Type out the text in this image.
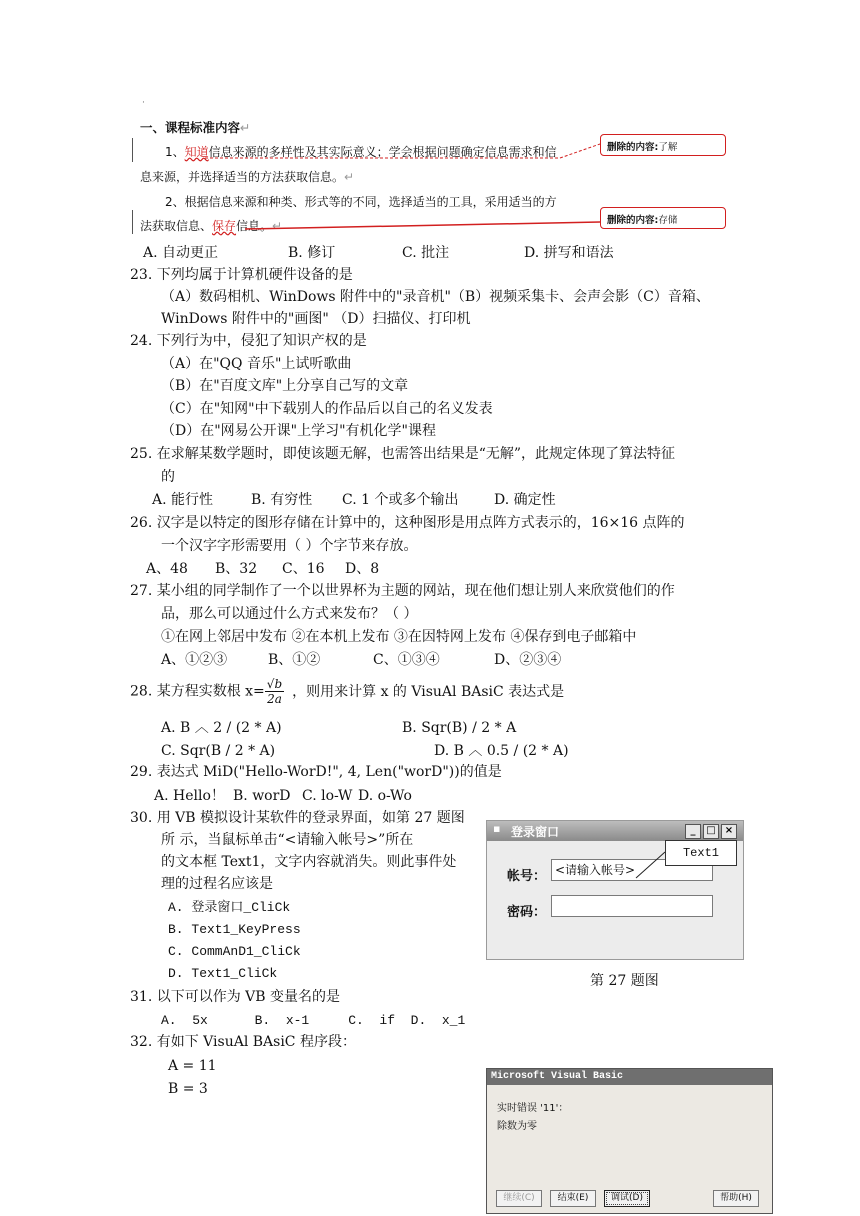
·
一、课程标准内容↵
1、知道信息来源的多样性及其实际意义；学会根据问题确定信息需求和信
息来源，并选择适当的方法获取信息。↵
2、根据信息来源和种类、形式等的不同，选择适当的工具，采用适当的方
法获取信息、保存信息。↵
删除的内容:了解
删除的内容:存储
A. 自动更正	B. 修订	C. 批注	D. 拼写和语法
23. 下列均属于计算机硬件设备的是
（A）数码相机、WinDows 附件中的"录音机"（B）视频采集卡、会声会影（C）音箱、
WinDows 附件中的"画图" （D）扫描仪、打印机
24. 下列行为中，侵犯了知识产权的是
（A）在"QQ 音乐"上试听歌曲
（B）在"百度文库"上分享自己写的文章
（C）在"知网"中下载别人的作品后以自己的名义发表
（D）在"网易公开课"上学习"有机化学"课程
25. 在求解某数学题时，即使该题无解，也需答出结果是“无解”，此规定体现了算法特征
的
A. 能行性	B. 有穷性 C. 1 个或多个输出	D. 确定性
26. 汉字是以特定的图形存储在计算中的，这种图形是用点阵方式表示的，16×16 点阵的
一个汉字字形需要用（ ）个字节来存放。
A、48 B、32 C、16 D、8
27. 某小组的同学制作了一个以世界杯为主题的网站，现在他们想让别人来欣赏他们的作
品，那么可以通过什么方式来发布？（ ）
①在网上邻居中发布 ②在本机上发布 ③在因特网上发布 ④保存到电子邮箱中
A、①②③	B、①②	C、①③④	D、②③④
28. 某方程实数根 $x= \frac{√b}{2a}$ ，则用来计算 x 的 VisuAl BAsiC 表达式是
A. B ︿ 2 / (2 * A)	B. Sqr(B) / 2 * A
C. Sqr(B / 2 * A)	D. B ︿ 0.5 / (2 * A)
29. 表达式 MiD("Hello-WorD!", 4, Len("worD"))的值是
A. Hello！ B. worD C. lo-W D. o-Wo
30. 用 VB 模拟设计某软件的登录界面，如第 27 题图
所 示，当鼠标单击“<请输入帐号>”所在
的文本框 Text1，文字内容就消失。则此事件处
理的过程名应该是
A. 登录窗口_CliCk
B. Text1_KeyPress
C. CommAnD1_CliCk
D. Text1_CliCk
▪ 登录窗口	_	□ ×
帐号： <请输入帐号>
密码：
Text1
第 27 题图
31. 以下可以作为 VB 变量名的是
A.  5x      B.  x-1     C.  if  D.  x_1
32. 有如下 VisuAl BAsiC 程序段：
A = 11
B = 3
Microsoft Visual Basic
实时错误 '11'：
除数为零
继续(C)	结束(E)	调试(D)	帮助(H)
